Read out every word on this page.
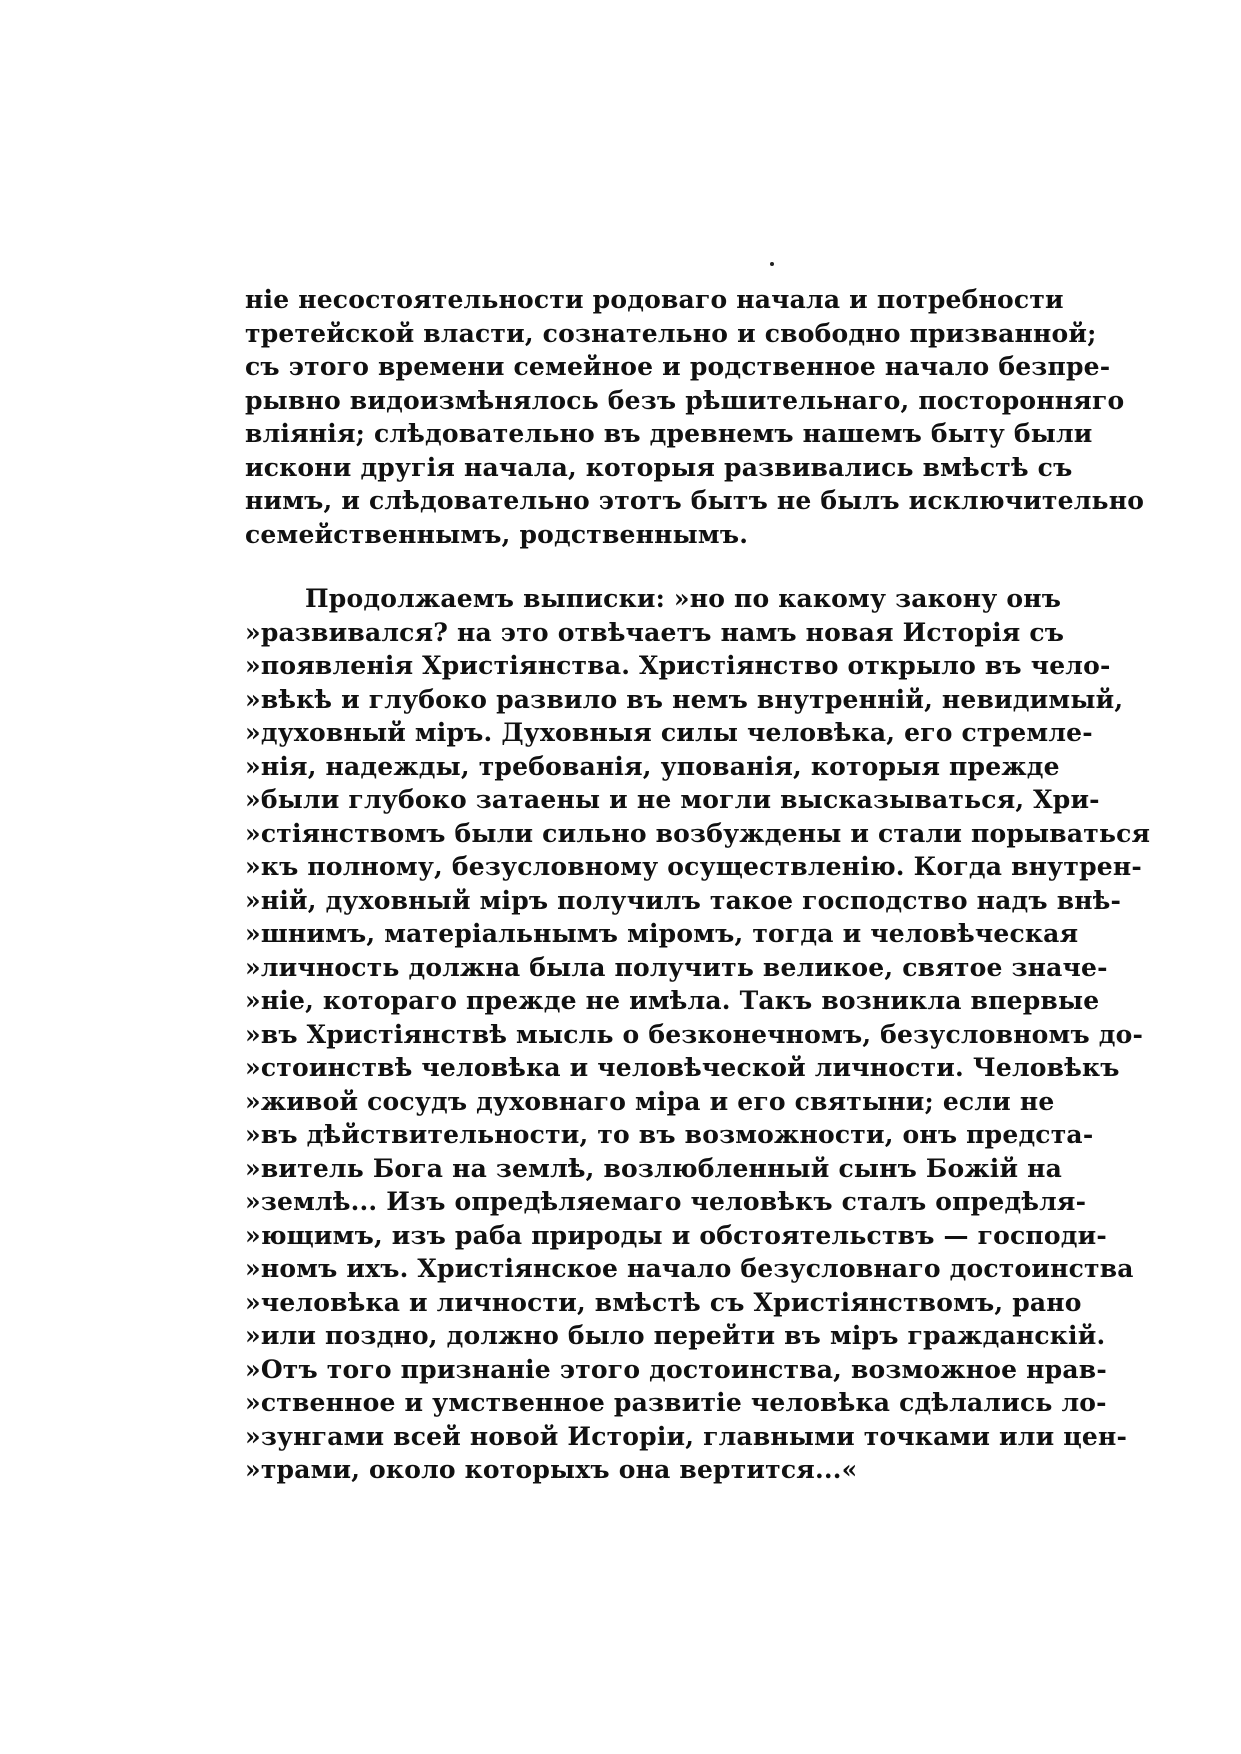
ніе несостоятельности родоваго начала и потребности
третейской власти, сознательно и свободно призванной;
съ этого времени семейное и родственное начало безпре-
рывно видоизмѣнялось безъ рѣшительнаго, посторонняго
вліянія; слѣдовательно въ древнемъ нашемъ быту были
искони другія начала, которыя развивались вмѣстѣ съ
нимъ, и слѣдовательно этотъ бытъ не былъ исключительно
семейственнымъ, родственнымъ.
Продолжаемъ выписки: »но по какому закону онъ
»развивался? на это отвѣчаетъ намъ новая Исторія съ
»появленія Христіянства. Христіянство открыло въ чело-
»вѣкѣ и глубоко развило въ немъ внутренній, невидимый,
»духовный міръ. Духовныя силы человѣка, его стремле-
»нія, надежды, требованія, упованія, которыя прежде
»были глубоко затаены и не могли высказываться, Хри-
»стіянствомъ были сильно возбуждены и стали порываться
»къ полному, безусловному осуществленію. Когда внутрен-
»ній, духовный міръ получилъ такое господство надъ внѣ-
»шнимъ, матеріальнымъ міромъ, тогда и человѣческая
»личность должна была получить великое, святое значе-
»ніе, котораго прежде не имѣла. Такъ возникла впервые
»въ Христіянствѣ мысль о безконечномъ, безусловномъ до-
»стоинствѣ человѣка и человѣческой личности. Человѣкъ
»живой сосудъ духовнаго міра и его святыни; если не
»въ дѣйствительности, то въ возможности, онъ предста-
»витель Бога на землѣ, возлюбленный сынъ Божій на
»землѣ... Изъ опредѣляемаго человѣкъ сталъ опредѣля-
»ющимъ, изъ раба природы и обстоятельствъ — господи-
»номъ ихъ. Христіянское начало безусловнаго достоинства
»человѣка и личности, вмѣстѣ съ Христіянствомъ, рано
»или поздно, должно было перейти въ міръ гражданскій.
»Отъ того признаніе этого достоинства, возможное нрав-
»ственное и умственное развитіе человѣка сдѣлались ло-
»зунгами всей новой Исторіи, главными точками или цен-
»трами, около которыхъ она вертится...«
